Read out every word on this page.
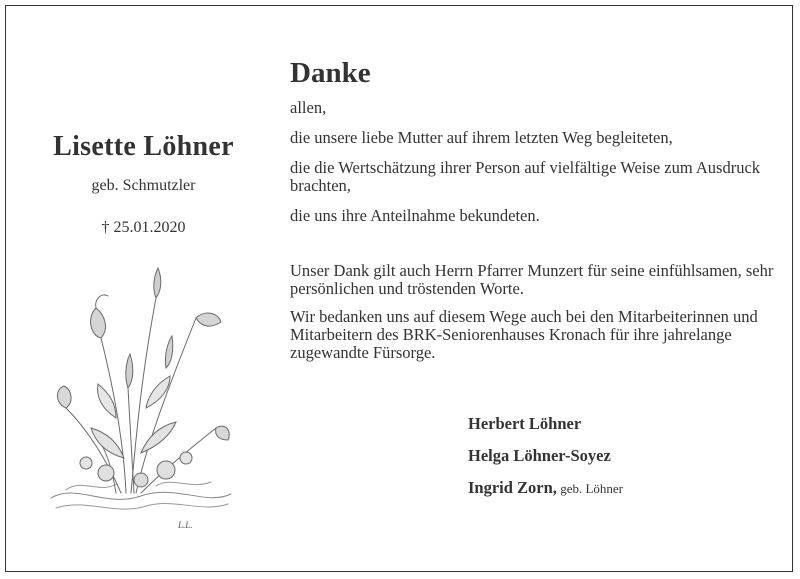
Lisette Löhner
geb. Schmutzler
† 25.01.2020
L.L.
Danke

allen,

die unsere liebe Mutter auf ihrem letzten Weg begleiteten,

die die Wertschätzung ihrer Person auf vielfältige Weise zum Ausdruck brachten,

die uns ihre Anteilnahme bekundeten.

Unser Dank gilt auch Herrn Pfarrer Munzert für seine einfühlsamen, sehr persönlichen und tröstenden Worte.

Wir bedanken uns auf diesem Wege auch bei den Mitarbeiterinnen und Mitarbeitern des BRK-Seniorenhauses Kronach für ihre jahrelange zugewandte Fürsorge.

Herbert Löhner
Helga Löhner-Soyez
Ingrid Zorn, geb. Löhner
